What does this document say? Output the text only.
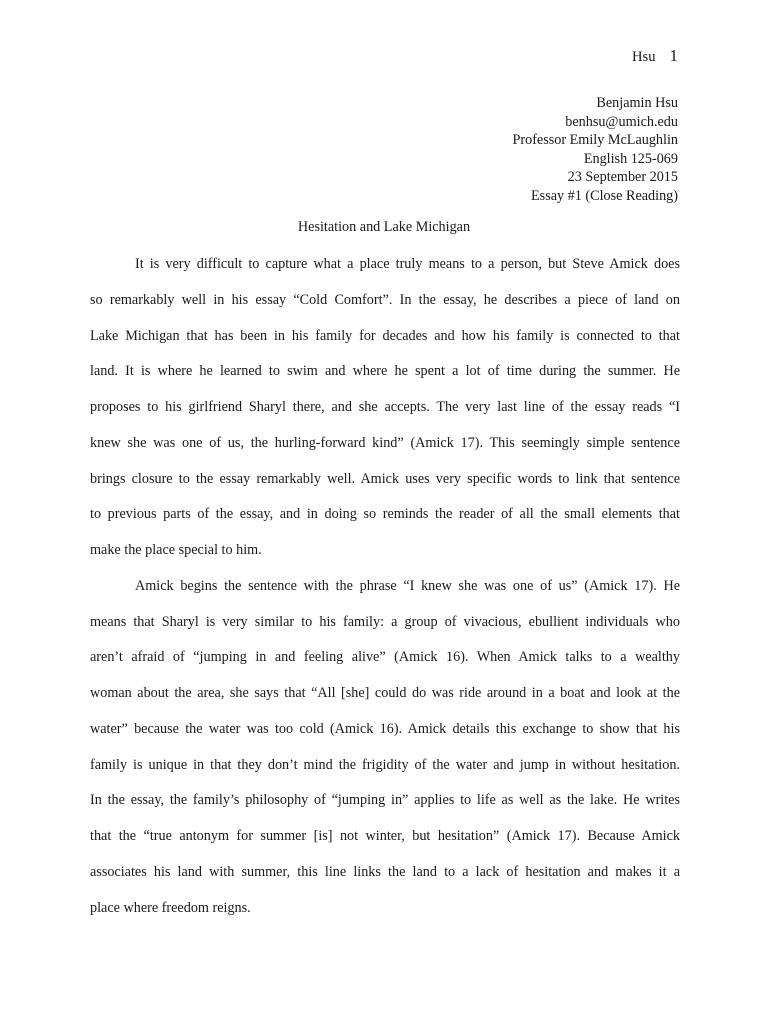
Hsu 1
Benjamin Hsu
benhsu@umich.edu
Professor Emily McLaughlin
English 125-069
23 September 2015
Essay #1 (Close Reading)
Hesitation and Lake Michigan
It is very difficult to capture what a place truly means to a person, but Steve Amick does
so remarkably well in his essay “Cold Comfort”. In the essay, he describes a piece of land on
Lake Michigan that has been in his family for decades and how his family is connected to that
land. It is where he learned to swim and where he spent a lot of time during the summer. He
proposes to his girlfriend Sharyl there, and she accepts. The very last line of the essay reads “I
knew she was one of us, the hurling-forward kind” (Amick 17). This seemingly simple sentence
brings closure to the essay remarkably well. Amick uses very specific words to link that sentence
to previous parts of the essay, and in doing so reminds the reader of all the small elements that
make the place special to him.
Amick begins the sentence with the phrase “I knew she was one of us” (Amick 17). He
means that Sharyl is very similar to his family: a group of vivacious, ebullient individuals who
aren’t afraid of “jumping in and feeling alive” (Amick 16). When Amick talks to a wealthy
woman about the area, she says that “All [she] could do was ride around in a boat and look at the
water” because the water was too cold (Amick 16). Amick details this exchange to show that his
family is unique in that they don’t mind the frigidity of the water and jump in without hesitation.
In the essay, the family’s philosophy of “jumping in” applies to life as well as the lake. He writes
that the “true antonym for summer [is] not winter, but hesitation” (Amick 17). Because Amick
associates his land with summer, this line links the land to a lack of hesitation and makes it a
place where freedom reigns.
